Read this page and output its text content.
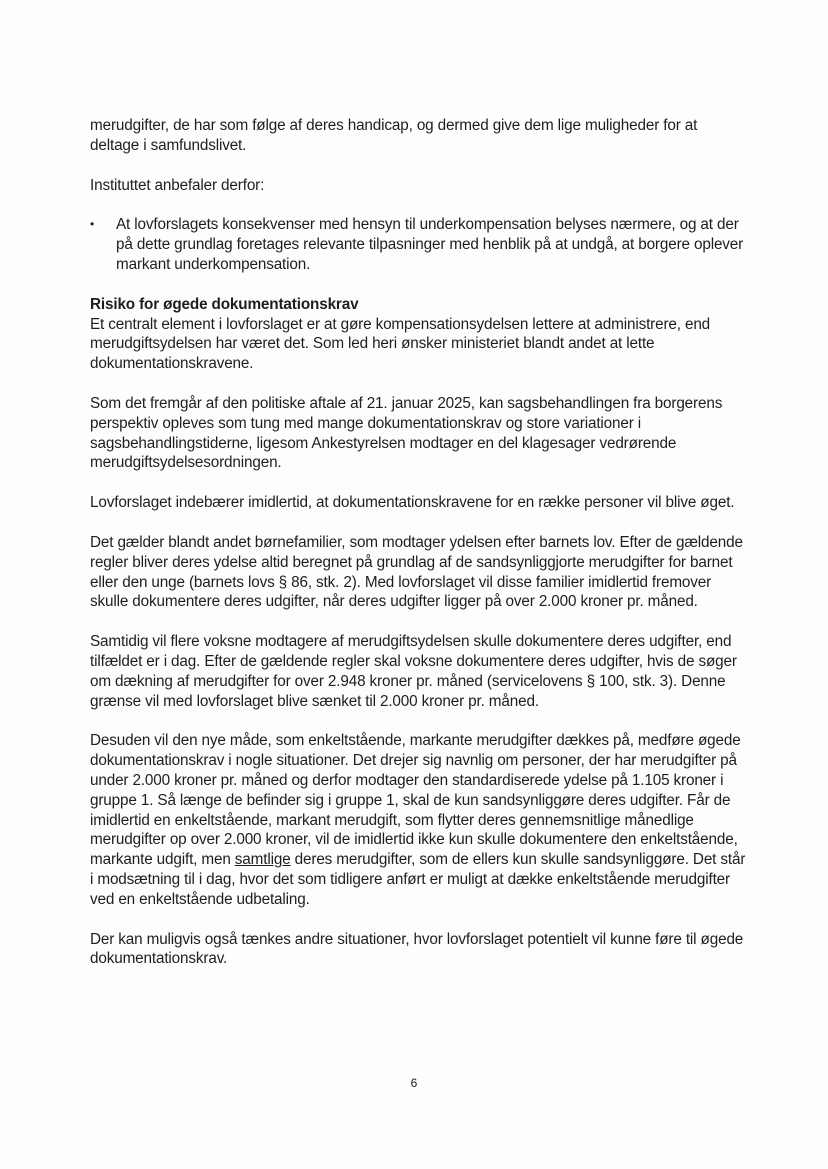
merudgifter, de har som følge af deres handicap, og dermed give dem lige muligheder for at deltage i samfundslivet.

Instituttet anbefaler derfor:

• At lovforslagets konsekvenser med hensyn til underkompensation belyses nærmere, og at der på dette grundlag foretages relevante tilpasninger med henblik på at undgå, at borgere oplever markant underkompensation.
Risiko for øgede dokumentationskrav

Et centralt element i lovforslaget er at gøre kompensationsydelsen lettere at administrere, end merudgiftsydelsen har været det. Som led heri ønsker ministeriet blandt andet at lette dokumentationskravene.

Som det fremgår af den politiske aftale af 21. januar 2025, kan sagsbehandlingen fra borgerens perspektiv opleves som tung med mange dokumentationskrav og store variationer i sagsbehandlingstiderne, ligesom Ankestyrelsen modtager en del klagesager vedrørende merudgiftsydelsesordningen.

Lovforslaget indebærer imidlertid, at dokumentationskravene for en række personer vil blive øget.

Det gælder blandt andet børnefamilier, som modtager ydelsen efter barnets lov. Efter de gældende regler bliver deres ydelse altid beregnet på grundlag af de sandsynliggjorte merudgifter for barnet eller den unge (barnets lovs § 86, stk. 2). Med lovforslaget vil disse familier imidlertid fremover skulle dokumentere deres udgifter, når deres udgifter ligger på over 2.000 kroner pr. måned.

Samtidig vil flere voksne modtagere af merudgiftsydelsen skulle dokumentere deres udgifter, end tilfældet er i dag. Efter de gældende regler skal voksne dokumentere deres udgifter, hvis de søger om dækning af merudgifter for over 2.948 kroner pr. måned (servicelovens § 100, stk. 3). Denne grænse vil med lovforslaget blive sænket til 2.000 kroner pr. måned.

Desuden vil den nye måde, som enkeltstående, markante merudgifter dækkes på, medføre øgede dokumentationskrav i nogle situationer. Det drejer sig navnlig om personer, der har merudgifter på under 2.000 kroner pr. måned og derfor modtager den standardiserede ydelse på 1.105 kroner i gruppe 1. Så længe de befinder sig i gruppe 1, skal de kun sandsynliggøre deres udgifter. Får de imidlertid en enkeltstående, markant merudgift, som flytter deres gennemsnitlige månedlige merudgifter op over 2.000 kroner, vil de imidlertid ikke kun skulle dokumentere den enkeltstående, markante udgift, men samtlige deres merudgifter, som de ellers kun skulle sandsynliggøre. Det står i modsætning til i dag, hvor det som tidligere anført er muligt at dække enkeltstående merudgifter ved en enkeltstående udbetaling.

Der kan muligvis også tænkes andre situationer, hvor lovforslaget potentielt vil kunne føre til øgede dokumentationskrav.

6
